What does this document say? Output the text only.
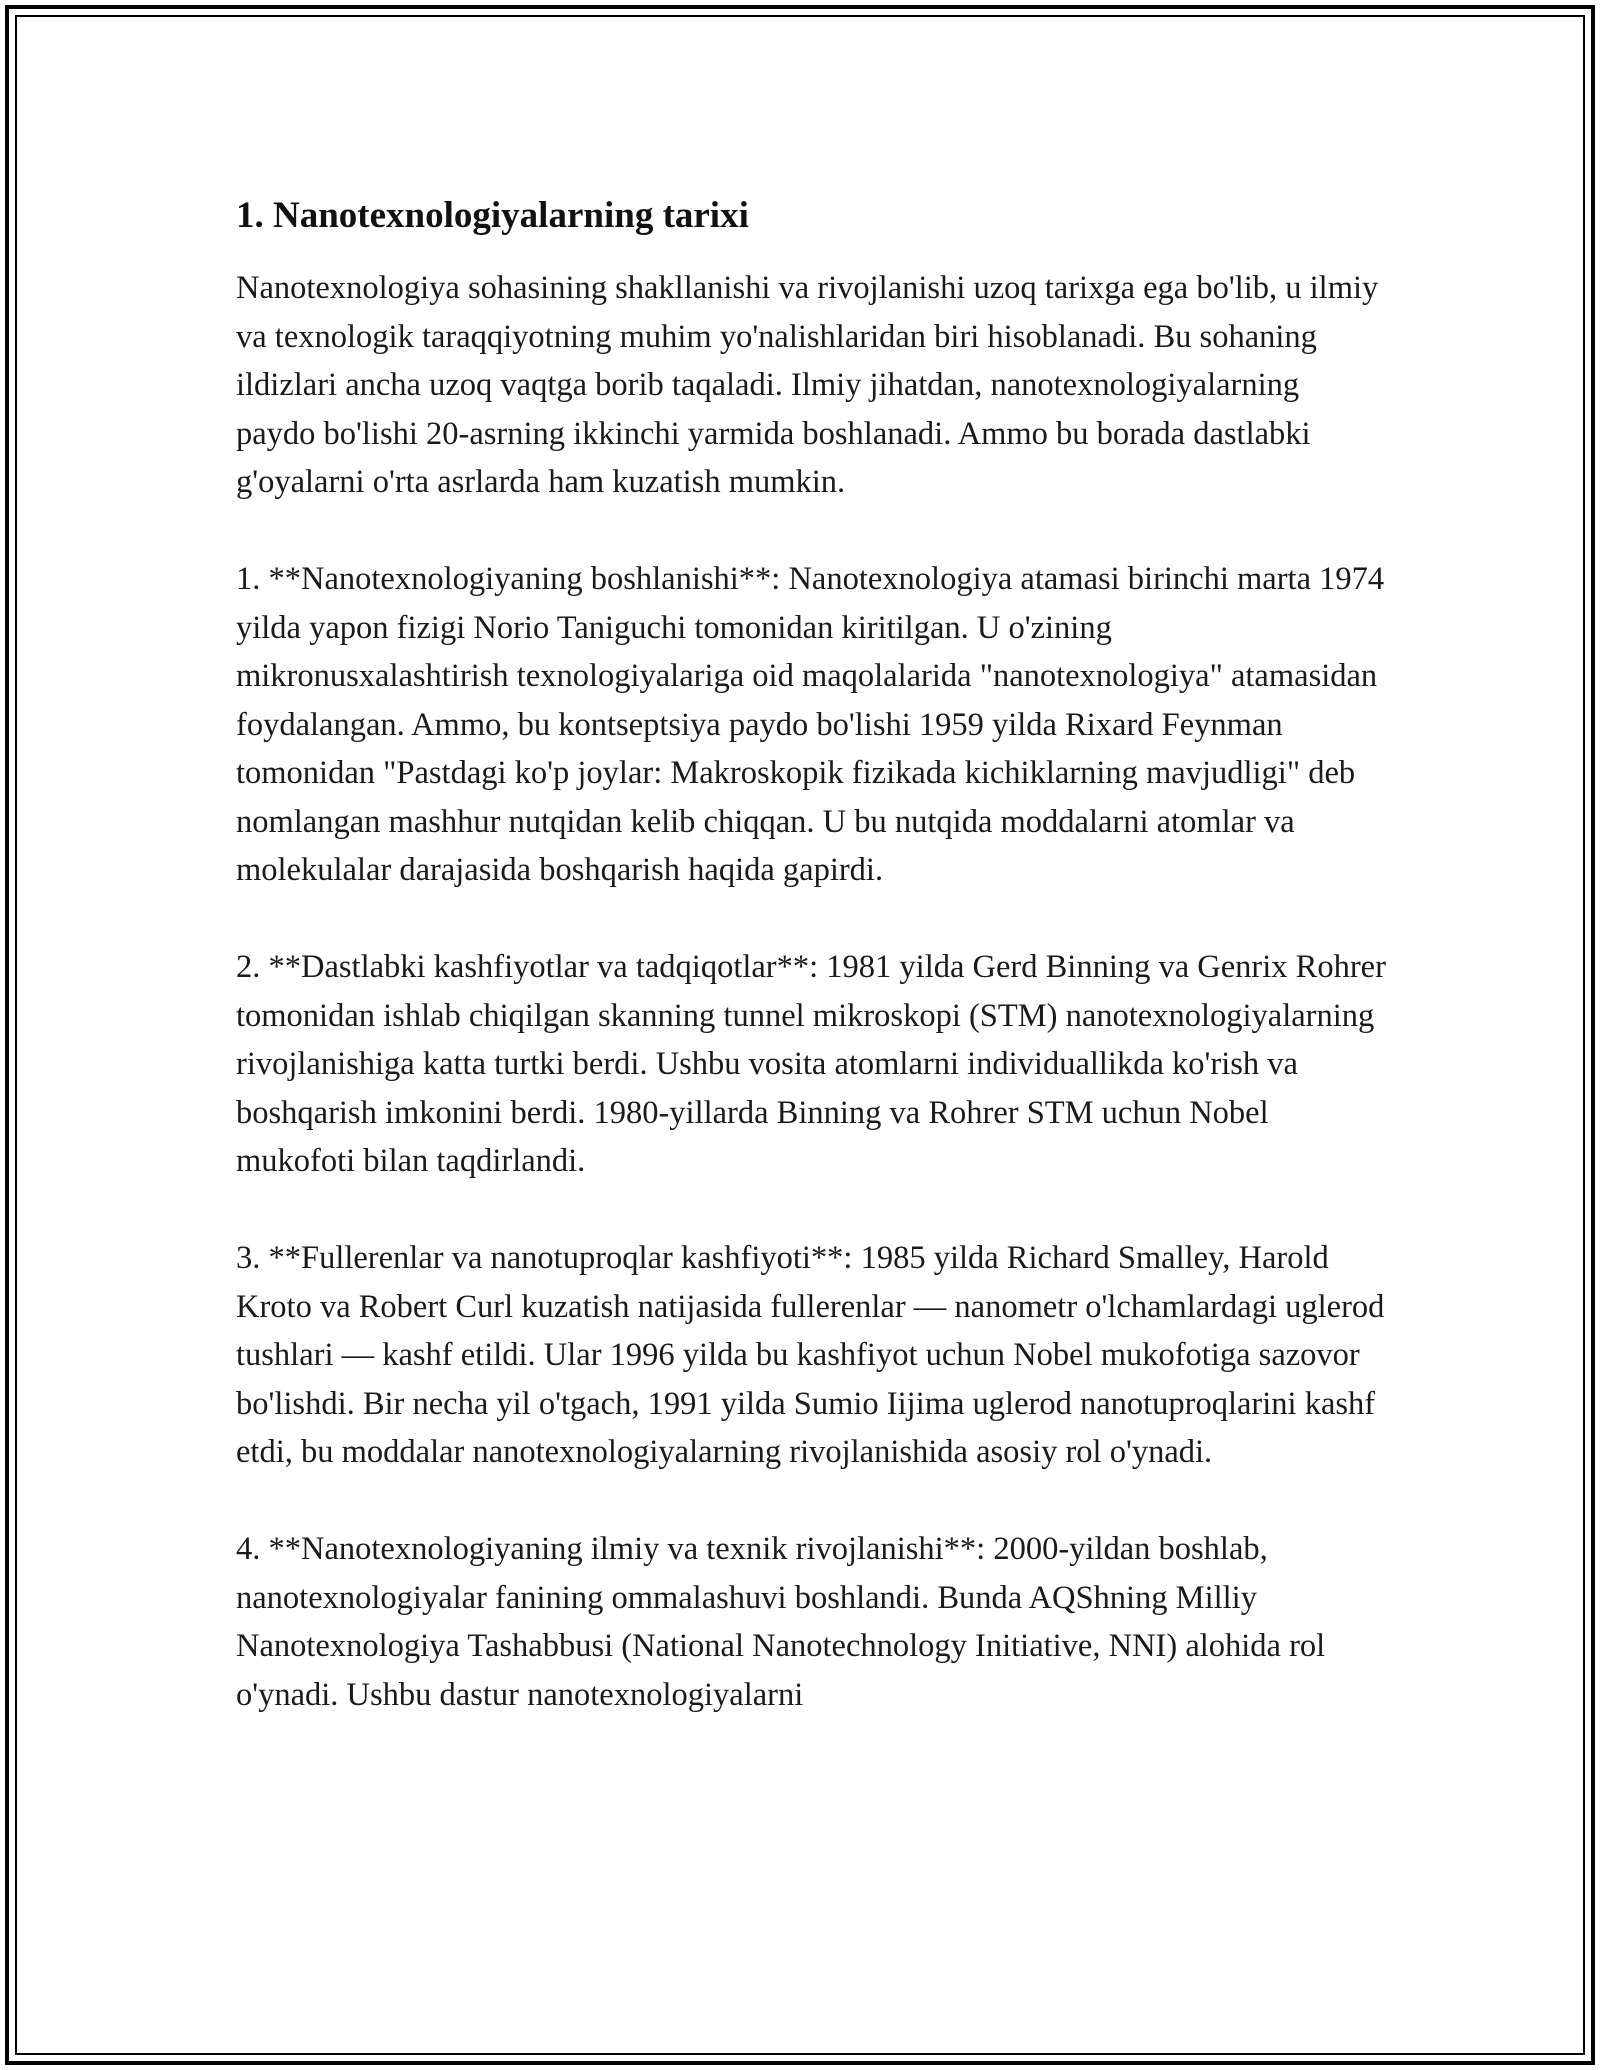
1. Nanotexnologiyalarning tarixi

Nanotexnologiya sohasining shakllanishi va rivojlanishi uzoq tarixga ega bo'lib, u ilmiy va texnologik taraqqiyotning muhim yo'nalishlaridan biri hisoblanadi. Bu sohaning ildizlari ancha uzoq vaqtga borib taqaladi. Ilmiy jihatdan, nanotexnologiyalarning paydo bo'lishi 20-asrning ikkinchi yarmida boshlanadi. Ammo bu borada dastlabki g'oyalarni o'rta asrlarda ham kuzatish mumkin.

1. **Nanotexnologiyaning boshlanishi**: Nanotexnologiya atamasi birinchi marta 1974 yilda yapon fizigi Norio Taniguchi tomonidan kiritilgan. U o'zining mikronusxalashtirish texnologiyalariga oid maqolalarida "nanotexnologiya" atamasidan foydalangan. Ammo, bu kontseptsiya paydo bo'lishi 1959 yilda Rixard Feynman tomonidan "Pastdagi ko'p joylar: Makroskopik fizikada kichiklarning mavjudligi" deb nomlangan mashhur nutqidan kelib chiqqan. U bu nutqida moddalarni atomlar va molekulalar darajasida boshqarish haqida gapirdi.

2. **Dastlabki kashfiyotlar va tadqiqotlar**: 1981 yilda Gerd Binning va Genrix Rohrer tomonidan ishlab chiqilgan skanning tunnel mikroskopi (STM) nanotexnologiyalarning rivojlanishiga katta turtki berdi. Ushbu vosita atomlarni individuallikda ko'rish va boshqarish imkonini berdi. 1980-yillarda Binning va Rohrer STM uchun Nobel mukofoti bilan taqdirlandi.

3. **Fullerenlar va nanotuproqlar kashfiyoti**: 1985 yilda Richard Smalley, Harold Kroto va Robert Curl kuzatish natijasida fullerenlar — nanometr o'lchamlardagi uglerod tushlari — kashf etildi. Ular 1996 yilda bu kashfiyot uchun Nobel mukofotiga sazovor bo'lishdi. Bir necha yil o'tgach, 1991 yilda Sumio Iijima uglerod nanotuproqlarini kashf etdi, bu moddalar nanotexnologiyalarning rivojlanishida asosiy rol o'ynadi.

4. **Nanotexnologiyaning ilmiy va texnik rivojlanishi**: 2000-yildan boshlab, nanotexnologiyalar fanining ommalashuvi boshlandi. Bunda AQShning Milliy Nanotexnologiya Tashabbusi (National Nanotechnology Initiative, NNI) alohida rol o'ynadi. Ushbu dastur nanotexnologiyalarni
